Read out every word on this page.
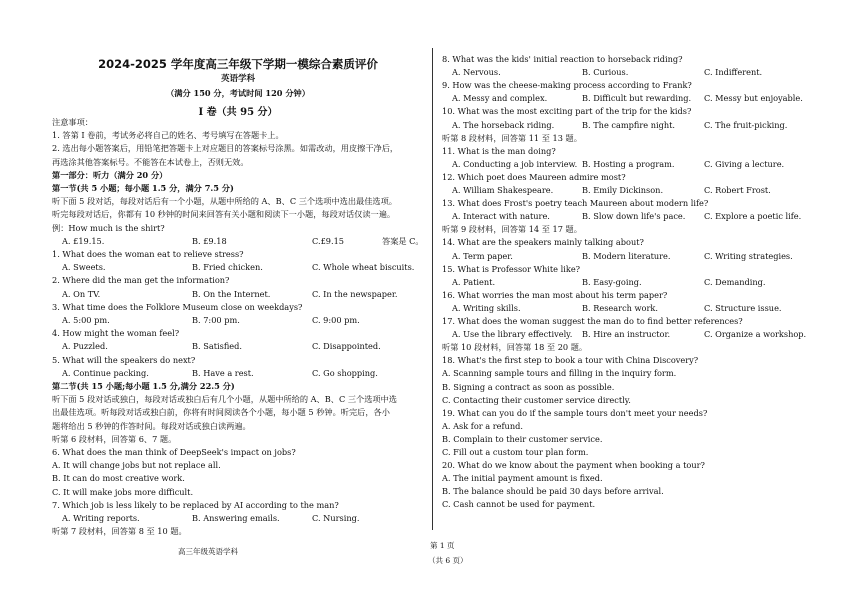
2024-2025 学年度高三年级下学期一模综合素质评价
英语学科
（满分 150 分，考试时间 120 分钟）
I 卷（共 95 分）
注意事项：
1. 答第 I 卷前，考试务必将自己的姓名、考号填写在答题卡上。
2. 选出每小题答案后，用铅笔把答题卡上对应题目的答案标号涂黑。如需改动，用皮擦干净后，
再选涂其他答案标号。不能答在本试卷上，否则无效。
第一部分：听力（满分 20 分）
第一节(共 5 小题；每小题 1.5 分，满分 7.5 分)
听下面 5 段对话，每段对话后有一个小题，从题中所给的 A、B、C 三个选项中选出最佳选项。
听完每段对话后，你都有 10 秒钟的时间来回答有关小题和阅读下一小题，每段对话仅读一遍。
例：How much is the shirt?
1. What does the woman eat to relieve stress?
2. Where did the man get the information?
3. What time does the Folklore Museum close on weekdays?
4. How might the woman feel?
5. What will the speakers do next?
第二节(共 15 小题;每小题 1.5 分,满分 22.5 分)
听下面 5 段对话或独白，每段对话或独白后有几个小题，从题中所给的 A、B、C 三个选项中选
出最佳选项。听每段对话或独白前，你将有时间阅读各个小题，每小题 5 秒钟。听完后，各小
题将给出 5 秒钟的作答时间。每段对话或独白读两遍。
听第 6 段材料，回答第 6、7 题。
6. What does the man think of DeepSeek's impact on jobs?
A. It will change jobs but not replace all.
B. It can do most creative work.
C. It will make jobs more difficult.
7. Which job is less likely to be replaced by AI according to the man?
听第 7 段材料，回答第 8 至 10 题。
A. £19.15.	B. £9.18	C.£9.15	答案是 C。
A. Sweets.	B. Fried chicken.	C. Whole wheat biscuits.
A. On TV.	B. On the Internet.	C. In the newspaper.
A. 5:00 pm.	B. 7:00 pm.	C. 9:00 pm.
A. Puzzled.	B. Satisfied.	C. Disappointed.
A. Continue packing.	B. Have a rest.	C. Go shopping.
A. Writing reports.	B. Answering emails.	C. Nursing.
8. What was the kids' initial reaction to horseback riding?
9. How was the cheese-making process according to Frank?
10. What was the most exciting part of the trip for the kids?
听第 8 段材料，回答第 11 至 13 题。
11. What is the man doing?
12. Which poet does Maureen admire most?
13. What does Frost's poetry teach Maureen about modern life?
听第 9 段材料，回答第 14 至 17 题。
14. What are the speakers mainly talking about?
15. What is Professor White like?
16. What worries the man most about his term paper?
17. What does the woman suggest the man do to find better references?
听第 10 段材料，回答第 18 至 20 题。
18. What's the first step to book a tour with China Discovery?
A. Scanning sample tours and filling in the inquiry form.
B. Signing a contract as soon as possible.
C. Contacting their customer service directly.
19. What can you do if the sample tours don't meet your needs?
A. Ask for a refund.
B. Complain to their customer service.
C. Fill out a custom tour plan form.
20. What do we know about the payment when booking a tour?
A. The initial payment amount is fixed.
B. The balance should be paid 30 days before arrival.
C. Cash cannot be used for payment.
A. Nervous.	B. Curious.	C. Indifferent.
A. Messy and complex.	B. Difficult but rewarding. C. Messy but enjoyable.
A. The horseback riding.	B. The campfire night.	C. The fruit-picking.
A. Conducting a job interview. B. Hosting a program.	C. Giving a lecture.
A. William Shakespeare.	B. Emily Dickinson.	C. Robert Frost.
A. Interact with nature.	B. Slow down life's pace. C. Explore a poetic life.
A. Term paper.	B. Modern literature.	C. Writing strategies.
A. Patient.	B. Easy-going.	C. Demanding.
A. Writing skills.	B. Research work.	C. Structure issue.
A. Use the library effectively. B. Hire an instructor.	C. Organize a workshop.
高三年级英语学科
第 1 页
（共 6 页）
